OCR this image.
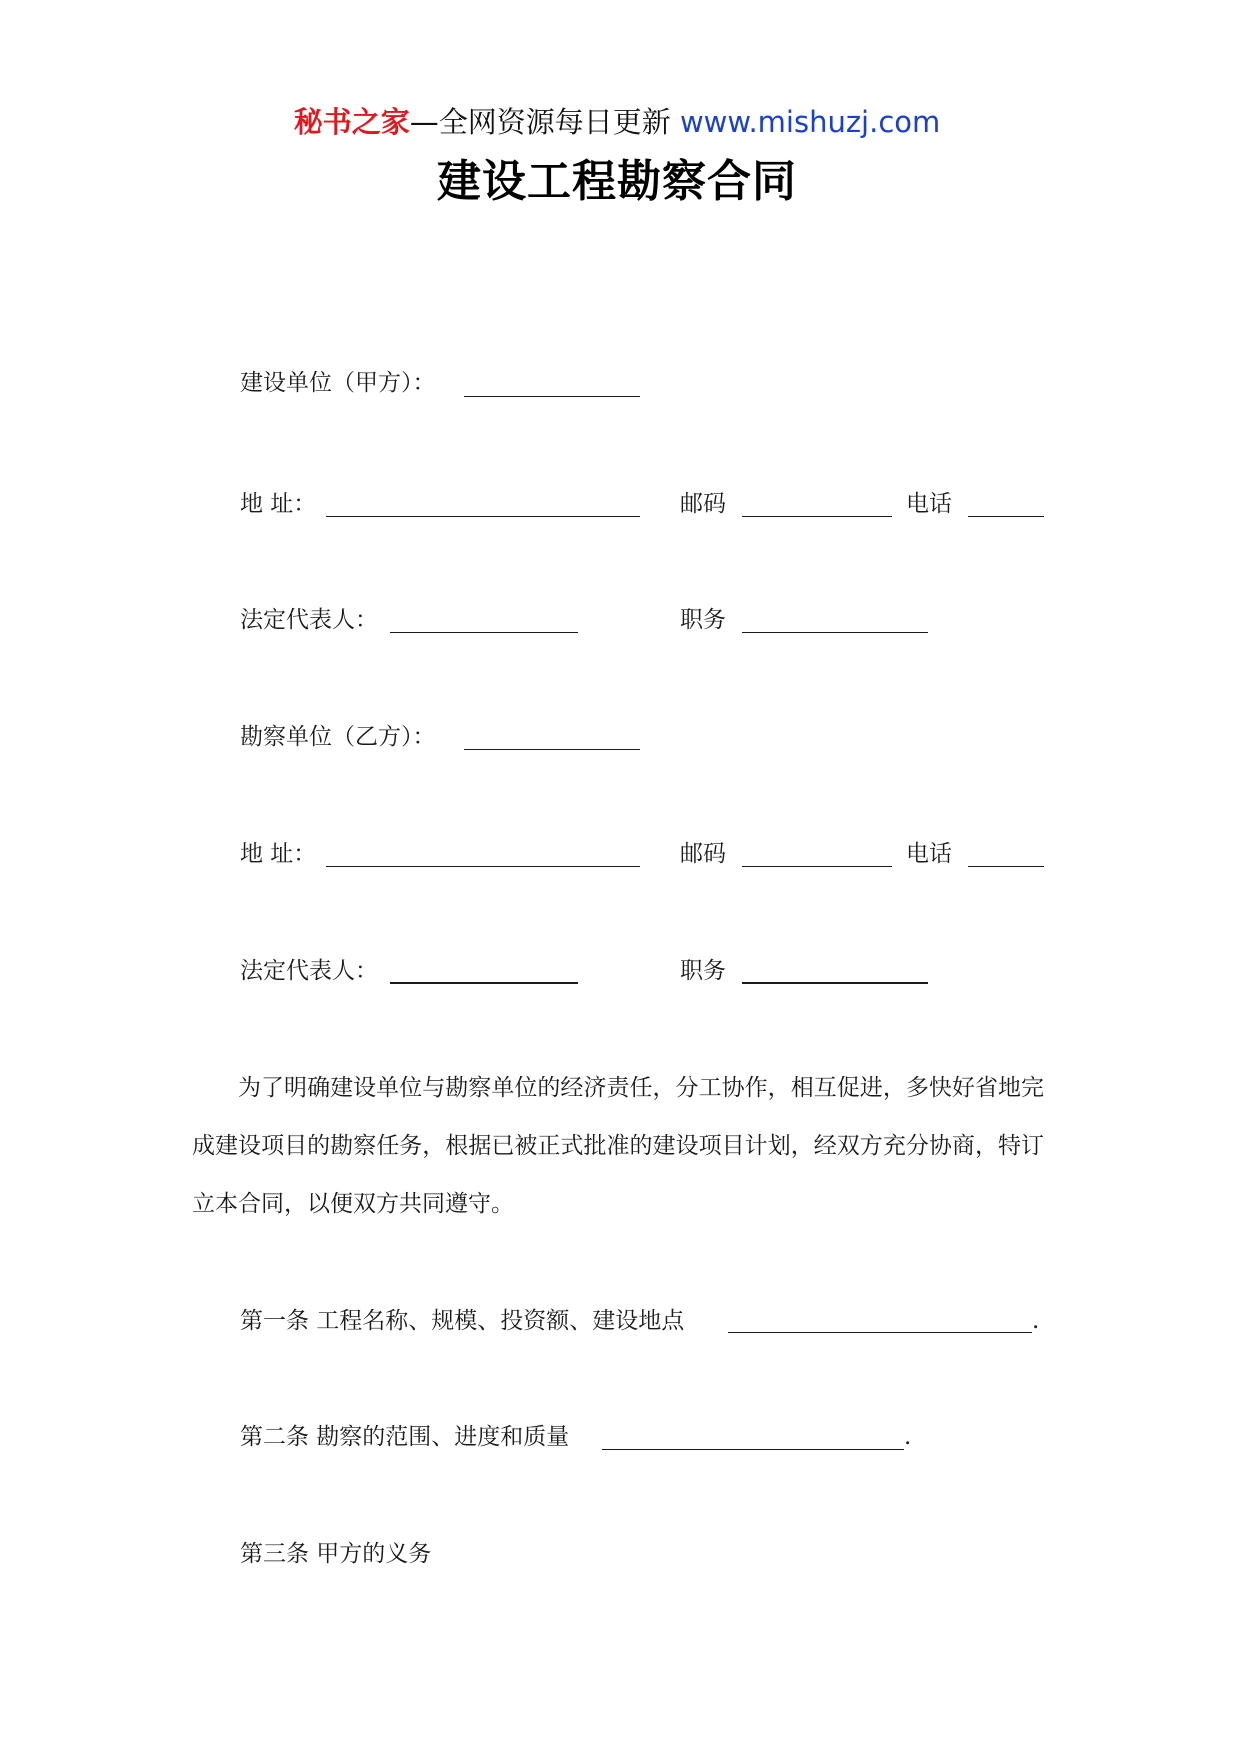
秘书之家—全网资源每日更新 www.mishuzj.com
建设工程勘察合同
建设单位（甲方）：
地 址：	邮码	电话
法定代表人：	职务
勘察单位（乙方）：
地 址：	邮码	电话
法定代表人：	职务

为了明确建设单位与勘察单位的经济责任，分工协作，相互促进，多快好省地完成建设项目的勘察任务，根据已被正式批准的建设项目计划，经双方充分协商，特订立本合同，以便双方共同遵守。

第一条 工程名称、规模、投资额、建设地点	.
第二条 勘察的范围、进度和质量	.
第三条 甲方的义务
